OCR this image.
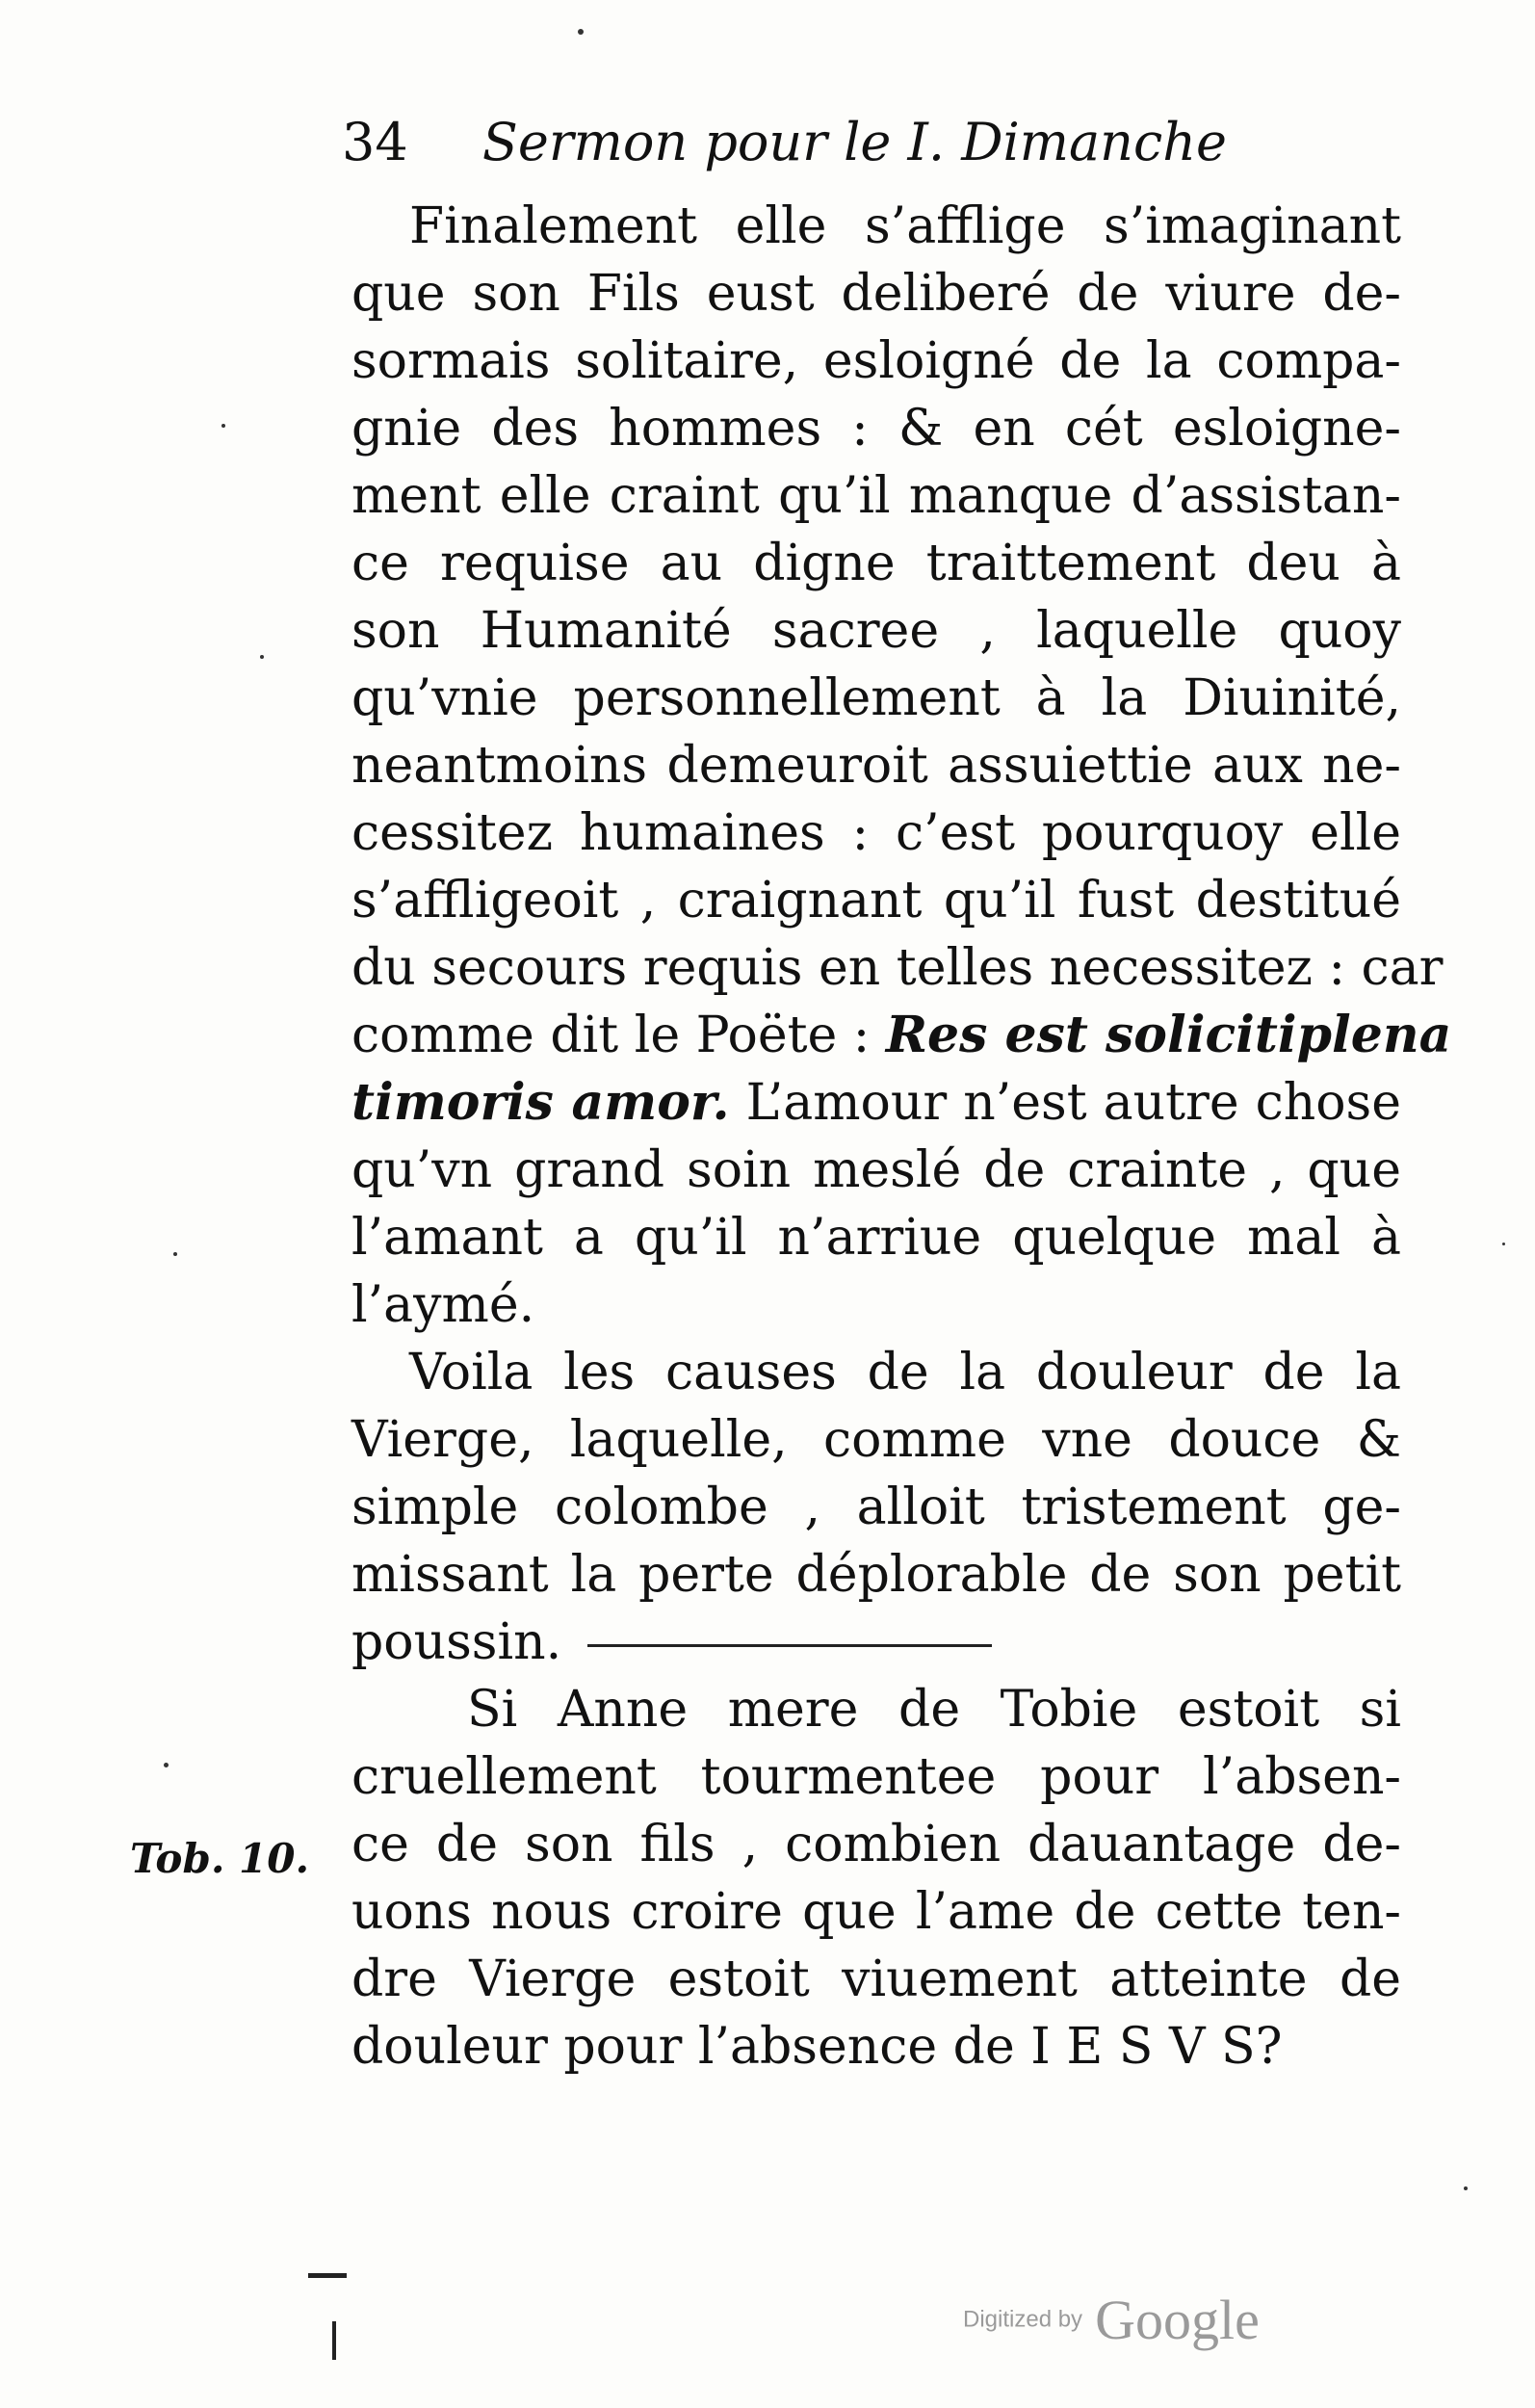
34 Sermon pour le I. Dimanche
Finalement elle s’afflige s’imaginant
que son Fils eust deliberé de viure de-
sormais solitaire, esloigné de la compa-
gnie des hommes : & en cét esloigne-
ment elle craint qu’il manque d’assistan-
ce requise au digne traittement deu à
son Humanité sacree , laquelle quoy
qu’vnie personnellement à la Diuinité,
neantmoins demeuroit assuiettie aux ne-
cessitez humaines : c’est pourquoy elle
s’affligeoit , craignant qu’il fust destitué
du secours requis en telles necessitez : car
comme dit le Poëte : Res est solicitiplena
timoris amor. L’amour n’est autre chose
qu’vn grand soin meslé de crainte , que
l’amant a qu’il n’arriue quelque mal à
l’aymé.
Voila les causes de la douleur de la
Vierge, laquelle, comme vne douce &
simple colombe , alloit tristement ge-
missant la perte déplorable de son petit
poussin.
Si Anne mere de Tobie estoit si
cruellement tourmentee pour l’absen-
ce de son fils , combien dauantage de-
uons nous croire que l’ame de cette ten-
dre Vierge estoit viuement atteinte de
douleur pour l’absence de I E S V S?
Tob. 10.
Digitized by Google
